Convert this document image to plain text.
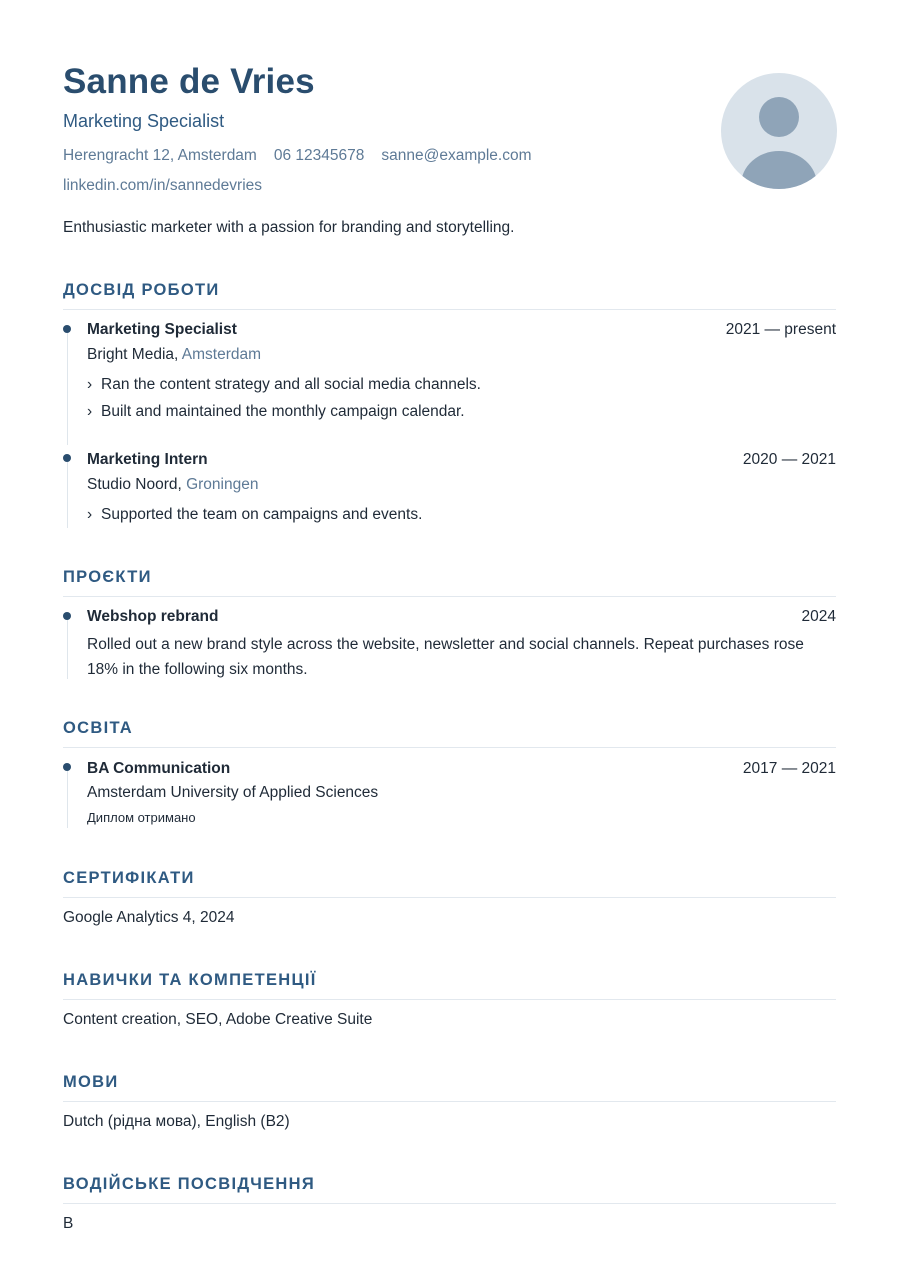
Sanne de Vries
Marketing Specialist
Herengracht 12, Amsterdam 06 12345678 sanne@example.com
linkedin.com/in/sannedevries
Enthusiastic marketer with a passion for branding and storytelling.
ДОСВІД РОБОТИ
Marketing Specialist	2021 — present
Bright Media, Amsterdam
› Ran the content strategy and all social media channels.
› Built and maintained the monthly campaign calendar.
Marketing Intern	2020 — 2021
Studio Noord, Groningen
› Supported the team on campaigns and events.
ПРОЄКТИ
Webshop rebrand	2024
Rolled out a new brand style across the website, newsletter and social channels. Repeat purchases rose 18% in the following six months.
ОСВІТА
BA Communication	2017 — 2021
Amsterdam University of Applied Sciences
Диплом отримано
СЕРТИФІКАТИ
Google Analytics 4, 2024
НАВИЧКИ ТА КОМПЕТЕНЦІЇ
Content creation, SEO, Adobe Creative Suite
МОВИ
Dutch (рідна мова), English (B2)
ВОДІЙСЬКЕ ПОСВІДЧЕННЯ
B
